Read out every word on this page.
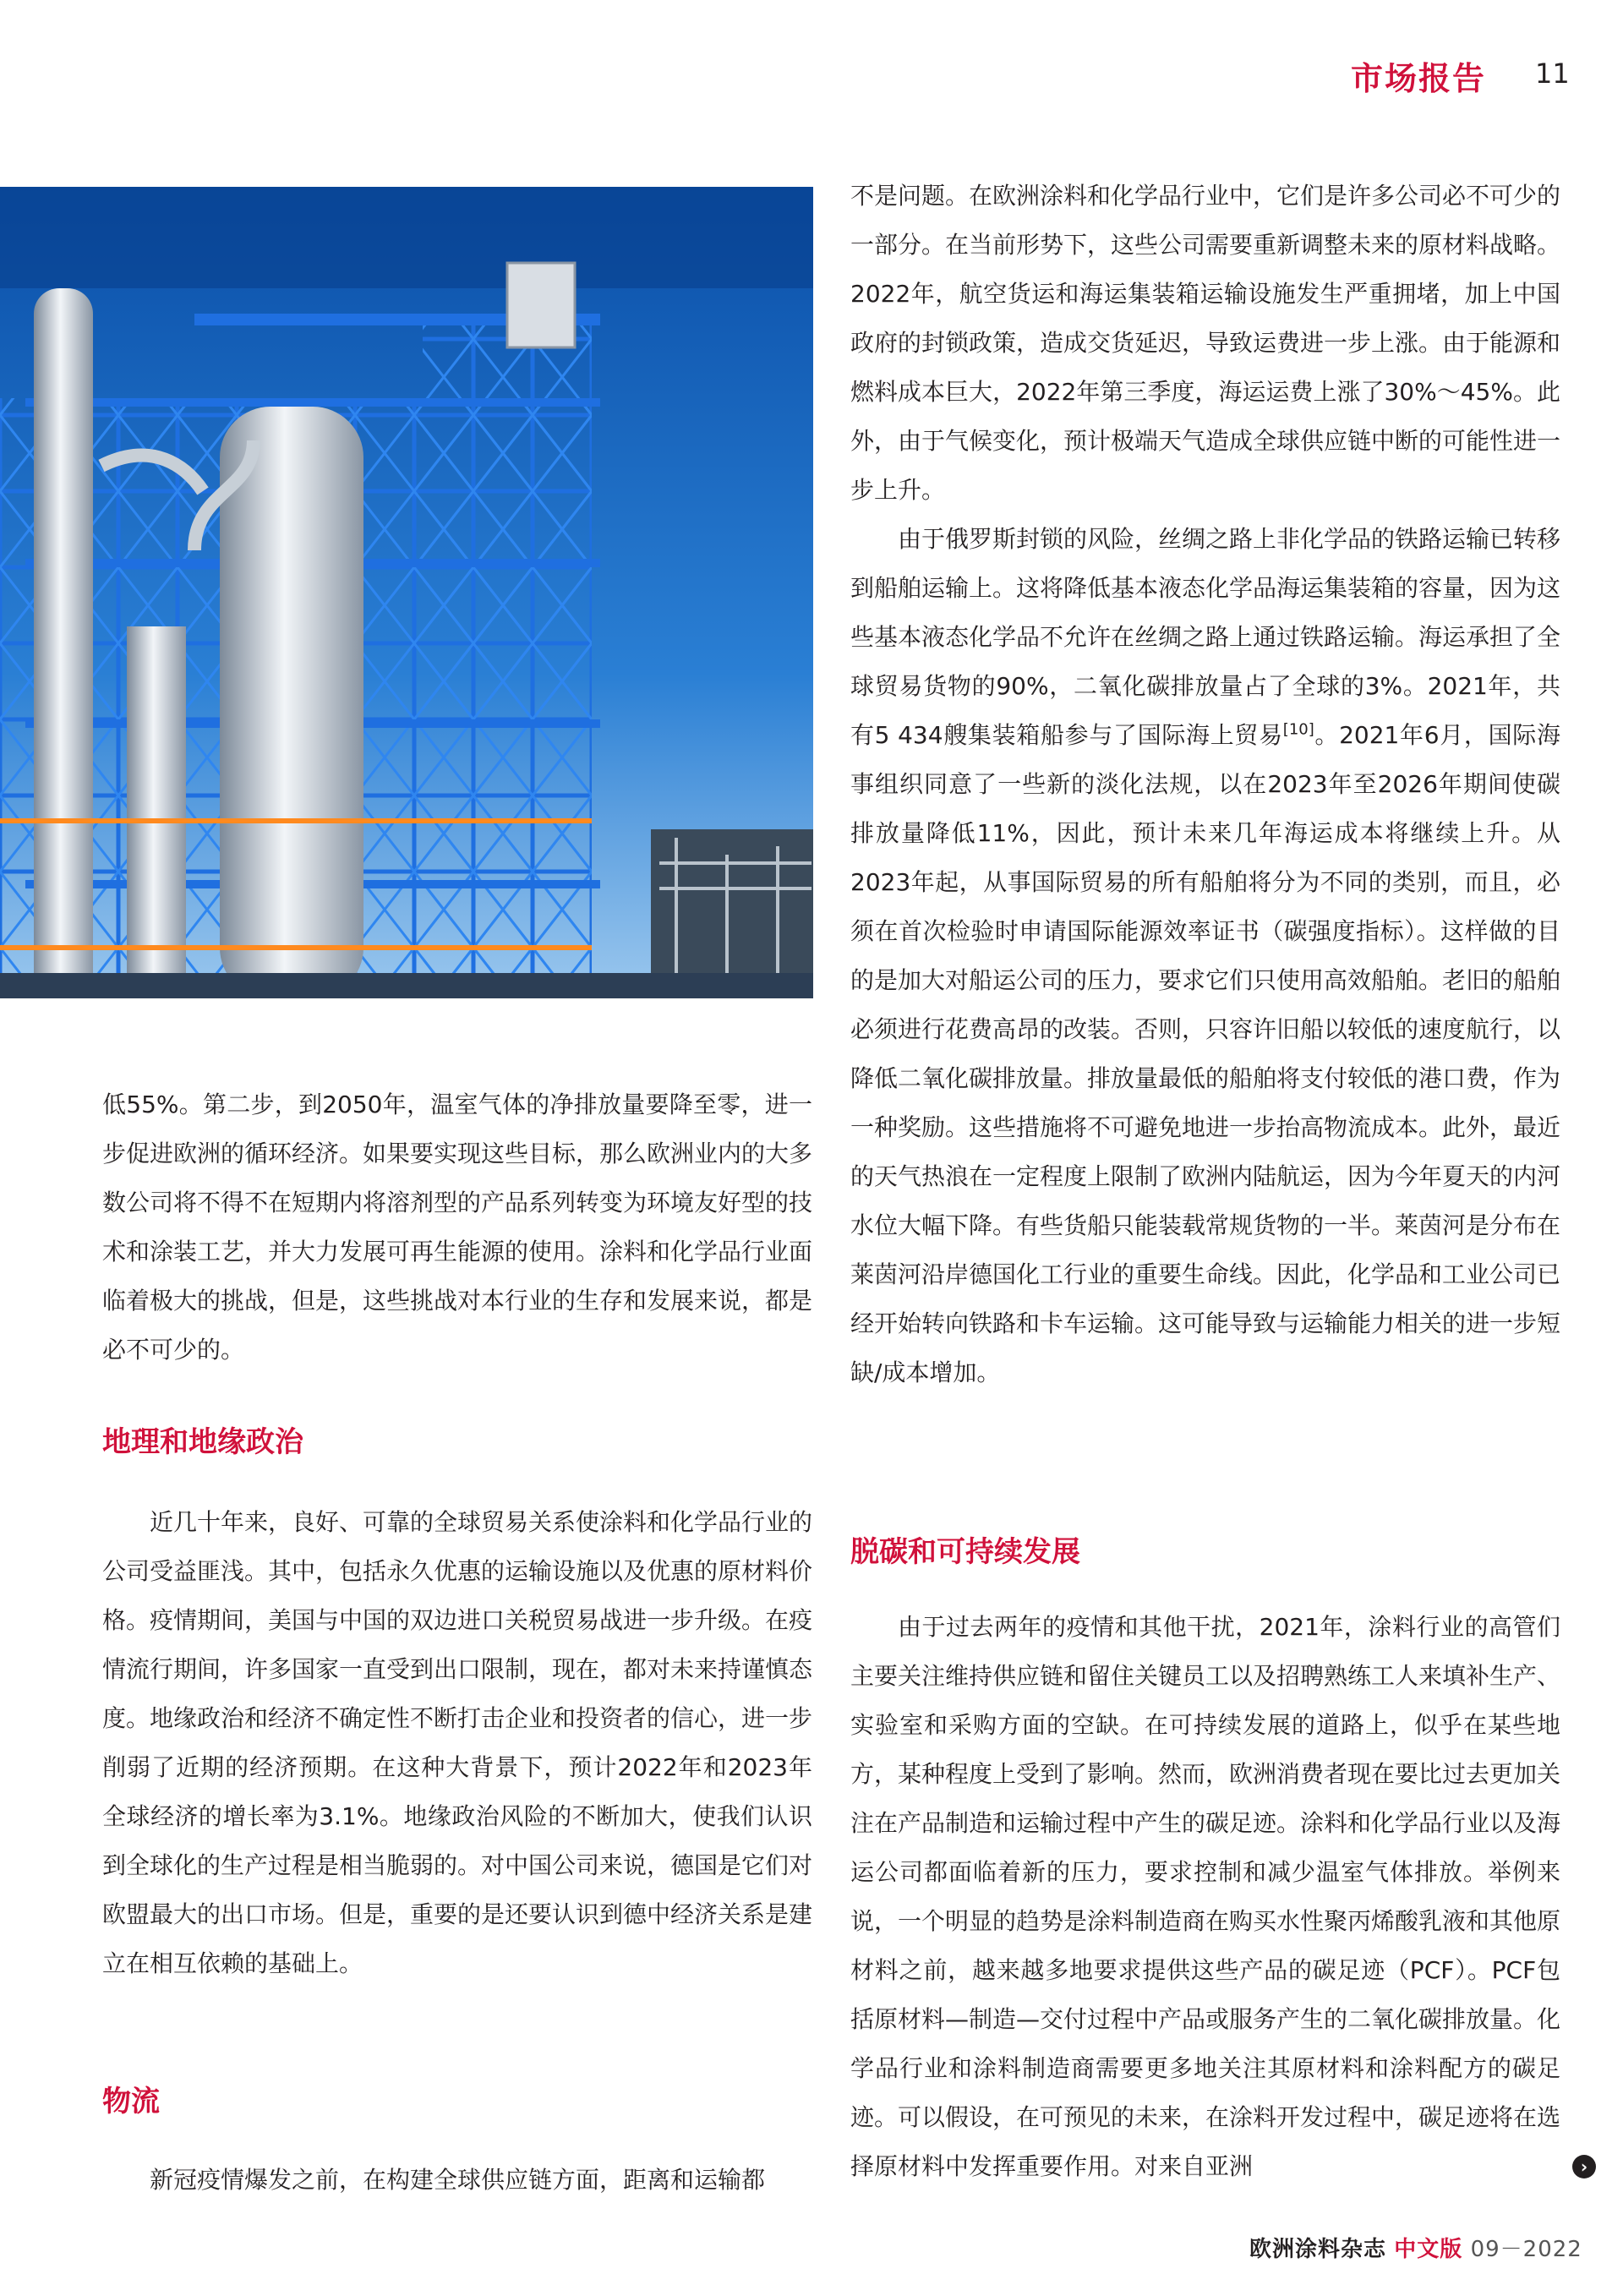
市场报告 11

低55%。第二步，到2050年，温室气体的净排放量要降至零，进一步促进欧洲的循环经济。如果要实现这些目标，那么欧洲业内的大多数公司将不得不在短期内将溶剂型的产品系列转变为环境友好型的技术和涂装工艺，并大力发展可再生能源的使用。涂料和化学品行业面临着极大的挑战，但是，这些挑战对本行业的生存和发展来说，都是必不可少的。

地理和地缘政治

近几十年来，良好、可靠的全球贸易关系使涂料和化学品行业的公司受益匪浅。其中，包括永久优惠的运输设施以及优惠的原材料价格。疫情期间，美国与中国的双边进口关税贸易战进一步升级。在疫情流行期间，许多国家一直受到出口限制，现在，都对未来持谨慎态度。地缘政治和经济不确定性不断打击企业和投资者的信心，进一步削弱了近期的经济预期。在这种大背景下，预计2022年和2023年全球经济的增长率为3.1%。地缘政治风险的不断加大，使我们认识到全球化的生产过程是相当脆弱的。对中国公司来说，德国是它们对欧盟最大的出口市场。但是，重要的是还要认识到德中经济关系是建立在相互依赖的基础上。

物流

新冠疫情爆发之前，在构建全球供应链方面，距离和运输都

不是问题。在欧洲涂料和化学品行业中，它们是许多公司必不可少的一部分。在当前形势下，这些公司需要重新调整未来的原材料战略。2022年，航空货运和海运集装箱运输设施发生严重拥堵，加上中国政府的封锁政策，造成交货延迟，导致运费进一步上涨。由于能源和燃料成本巨大，2022年第三季度，海运运费上涨了30%～45%。此外，由于气候变化，预计极端天气造成全球供应链中断的可能性进一步上升。

由于俄罗斯封锁的风险，丝绸之路上非化学品的铁路运输已转移到船舶运输上。这将降低基本液态化学品海运集装箱的容量，因为这些基本液态化学品不允许在丝绸之路上通过铁路运输。海运承担了全球贸易货物的90%，二氧化碳排放量占了全球的3%。2021年，共有5 434艘集装箱船参与了国际海上贸易[10]。2021年6月，国际海事组织同意了一些新的淡化法规，以在2023年至2026年期间使碳排放量降低11%，因此，预计未来几年海运成本将继续上升。从2023年起，从事国际贸易的所有船舶将分为不同的类别，而且，必须在首次检验时申请国际能源效率证书（碳强度指标）。这样做的目的是加大对船运公司的压力，要求它们只使用高效船舶。老旧的船舶必须进行花费高昂的改装。否则，只容许旧船以较低的速度航行，以降低二氧化碳排放量。排放量最低的船舶将支付较低的港口费，作为一种奖励。这些措施将不可避免地进一步抬高物流成本。此外，最近的天气热浪在一定程度上限制了欧洲内陆航运，因为今年夏天的内河水位大幅下降。有些货船只能装载常规货物的一半。莱茵河是分布在莱茵河沿岸德国化工行业的重要生命线。因此，化学品和工业公司已经开始转向铁路和卡车运输。这可能导致与运输能力相关的进一步短缺/成本增加。

脱碳和可持续发展

由于过去两年的疫情和其他干扰，2021年，涂料行业的高管们主要关注维持供应链和留住关键员工以及招聘熟练工人来填补生产、实验室和采购方面的空缺。在可持续发展的道路上，似乎在某些地方，某种程度上受到了影响。然而，欧洲消费者现在要比过去更加关注在产品制造和运输过程中产生的碳足迹。涂料和化学品行业以及海运公司都面临着新的压力，要求控制和减少温室气体排放。举例来说，一个明显的趋势是涂料制造商在购买水性聚丙烯酸乳液和其他原材料之前，越来越多地要求提供这些产品的碳足迹（PCF）。PCF包括原材料—制造—交付过程中产品或服务产生的二氧化碳排放量。化学品行业和涂料制造商需要更多地关注其原材料和涂料配方的碳足迹。可以假设，在可预见的未来，在涂料开发过程中，碳足迹将在选择原材料中发挥重要作用。对来自亚洲	›
欧洲涂料杂志 中文版 09－2022
